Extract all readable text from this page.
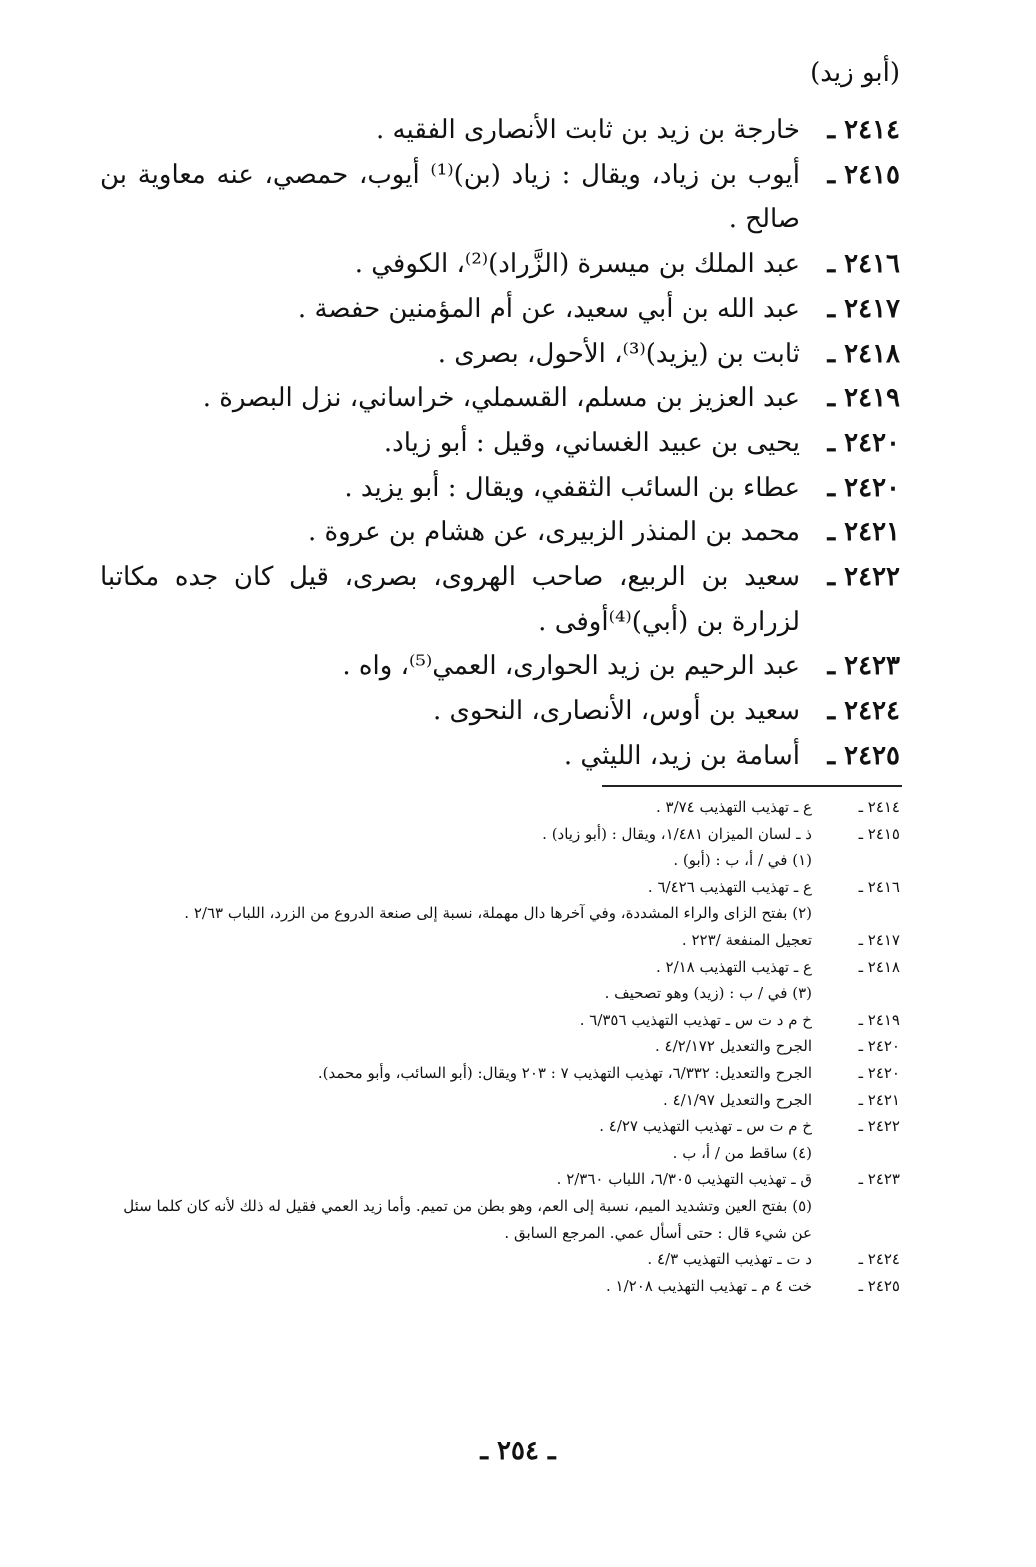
(أبو زيد)
٢٤١٤ ـ
خارجة بن زيد بن ثابت الأنصارى الفقيه .
٢٤١٥ ـ
أيوب بن زياد، ويقال : زياد (بن)⁽¹⁾ أيوب، حمصي، عنه معاوية بن صالح .
٢٤١٦ ـ
عبد الملك بن ميسرة (الزَّراد)⁽²⁾، الكوفي .
٢٤١٧ ـ
عبد الله بن أبي سعيد، عن أم المؤمنين حفصة .
٢٤١٨ ـ
ثابت بن (يزيد)⁽³⁾، الأحول، بصرى .
٢٤١٩ ـ
عبد العزيز بن مسلم، القسملي، خراساني، نزل البصرة .
٢٤٢٠ ـ
يحيى بن عبيد الغساني، وقيل : أبو زياد.
٢٤٢٠ ـ
عطاء بن السائب الثقفي، ويقال : أبو يزيد .
٢٤٢١ ـ
محمد بن المنذر الزبيرى، عن هشام بن عروة .
٢٤٢٢ ـ
سعيد بن الربيع، صاحب الهروى، بصرى، قيل كان جده مكاتبا لزرارة بن (أبي)⁽⁴⁾أوفى .
٢٤٢٣ ـ
عبد الرحيم بن زيد الحوارى، العمي⁽⁵⁾، واه .
٢٤٢٤ ـ
سعيد بن أوس، الأنصارى، النحوى .
٢٤٢٥ ـ
أسامة بن زيد، الليثي .
٢٤١٤ ـ
ع ـ تهذيب التهذيب ٣/٧٤ .
٢٤١٥ ـ
ذ ـ لسان الميزان ١/٤٨١، ويقال : (أبو زياد) .
(١) في / أ، ب : (أبو) .
٢٤١٦ ـ
ع ـ تهذيب التهذيب ٦/٤٢٦ .
(٢) بفتح الزاى والراء المشددة، وفي آخرها دال مهملة، نسبة إلى صنعة الدروع من الزرد، اللباب ٢/٦٣ .
٢٤١٧ ـ
تعجيل المنفعة /٢٢٣ .
٢٤١٨ ـ
ع ـ تهذيب التهذيب ٢/١٨ .
(٣) في / ب : (زيد) وهو تصحيف .
٢٤١٩ ـ
خ م د ت س ـ تهذيب التهذيب ٦/٣٥٦ .
٢٤٢٠ ـ
الجرح والتعديل ٤/٢/١٧٢ .
٢٤٢٠ ـ
الجرح والتعديل: ٦/٣٣٢، تهذيب التهذيب ٧ : ٢٠٣ ويقال: (أبو السائب، وأبو محمد).
٢٤٢١ ـ
الجرح والتعديل ٤/١/٩٧ .
٢٤٢٢ ـ
خ م ت س ـ تهذيب التهذيب ٤/٢٧ .
(٤) ساقط من / أ، ب .
٢٤٢٣ ـ
ق ـ تهذيب التهذيب ٦/٣٠٥، اللباب ٢/٣٦٠ .
(٥) بفتح العين وتشديد الميم، نسبة إلى العم، وهو بطن من تميم. وأما زيد العمي فقيل له ذلك لأنه كان كلما سئل عن شيء قال : حتى أسأل عمي. المرجع السابق .
٢٤٢٤ ـ
د ت ـ تهذيب التهذيب ٤/٣ .
٢٤٢٥ ـ
خت ٤ م ـ تهذيب التهذيب ١/٢٠٨ .
ـ ٢٥٤ ـ
